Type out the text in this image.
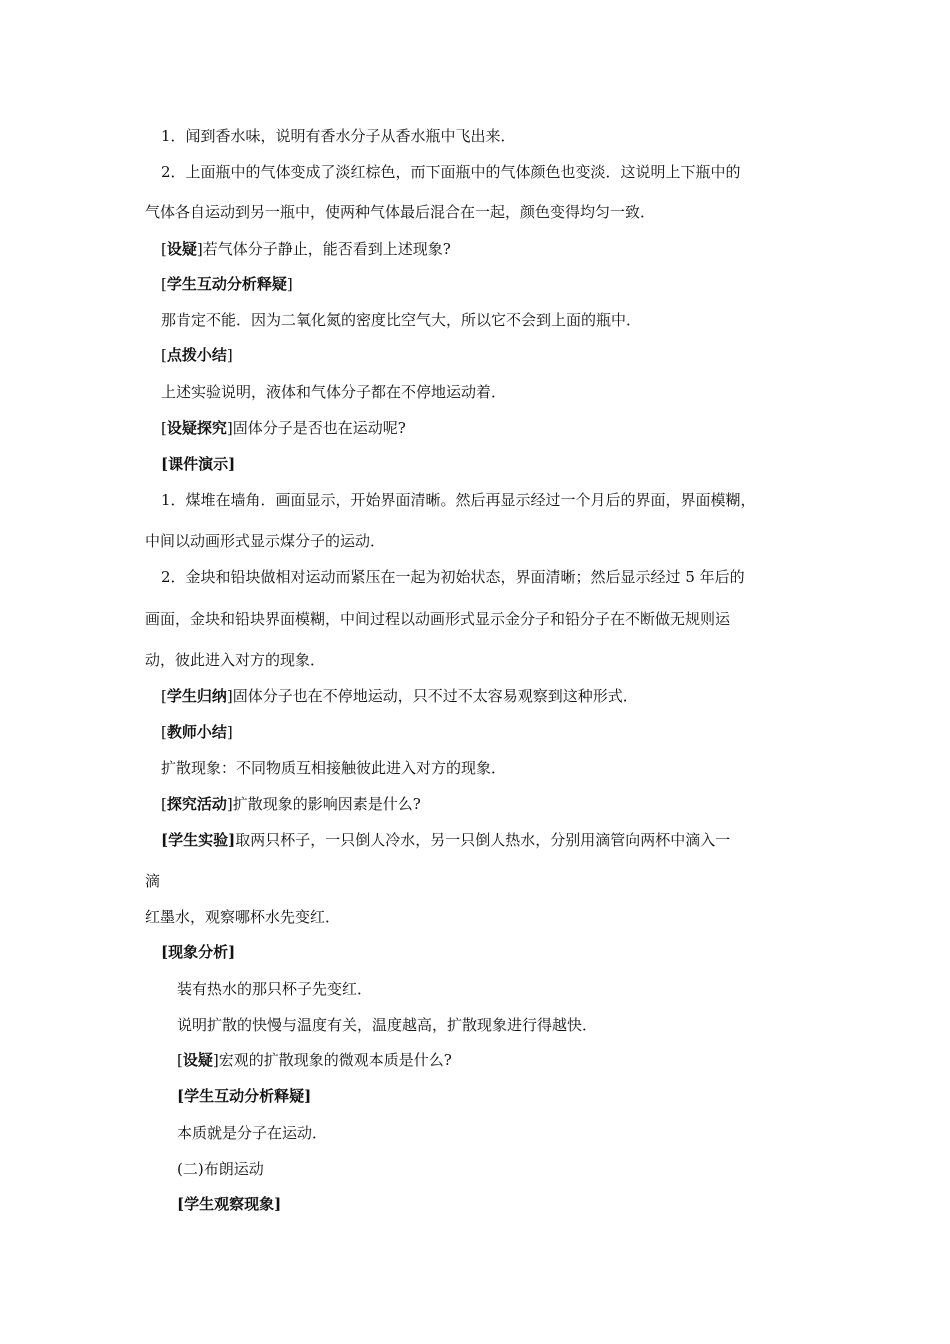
1．闻到香水味，说明有香水分子从香水瓶中飞出来．
2．上面瓶中的气体变成了淡红棕色，而下面瓶中的气体颜色也变淡．这说明上下瓶中的
气体各自运动到另一瓶中，使两种气体最后混合在一起，颜色变得均匀一致．
[设疑]若气体分子静止，能否看到上述现象?
[学生互动分析释疑]
那肯定不能．因为二氧化氮的密度比空气大，所以它不会到上面的瓶中．
[点拨小结]
上述实验说明，液体和气体分子都在不停地运动着．
[设疑探究]固体分子是否也在运动呢?
[课件演示]
1．煤堆在墙角．画面显示，开始界面清晰。然后再显示经过一个月后的界面，界面模糊，
中间以动画形式显示煤分子的运动．
2．金块和铅块做相对运动而紧压在一起为初始状态，界面清晰；然后显示经过 5 年后的
画面，金块和铅块界面模糊，中间过程以动画形式显示金分子和铅分子在不断做无规则运
动，彼此进入对方的现象．
[学生归纳]固体分子也在不停地运动，只不过不太容易观察到这种形式．
[教师小结]
扩散现象：不同物质互相接触彼此进入对方的现象．
[探究活动]扩散现象的影响因素是什么?
[学生实验]取两只杯子，一只倒人冷水，另一只倒人热水，分别用滴管向两杯中滴入一
滴
红墨水，观察哪杯水先变红．
[现象分析]
装有热水的那只杯子先变红．
说明扩散的快慢与温度有关，温度越高，扩散现象进行得越快．
[设疑]宏观的扩散现象的微观本质是什么?
[学生互动分析释疑]
本质就是分子在运动．
(二)布朗运动
[学生观察现象]
